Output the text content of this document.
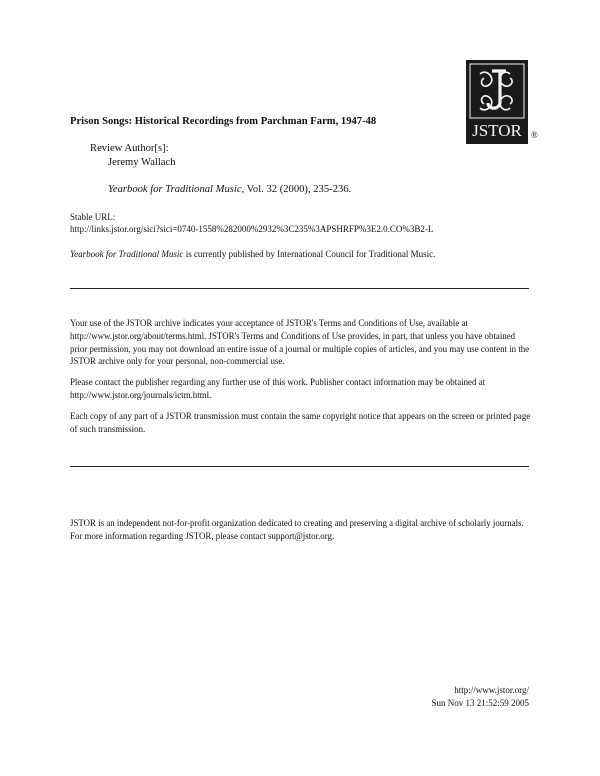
JSTOR ®
Prison Songs: Historical Recordings from Parchman Farm, 1947-48
Review Author[s]:
Jeremy Wallach
Yearbook for Traditional Music, Vol. 32 (2000), 235-236.
Stable URL:
http://links.jstor.org/sici?sici=0740-1558%282000%2932%3C235%3APSHRFP%3E2.0.CO%3B2-L
Yearbook for Traditional Music is currently published by International Council for Traditional Music.
Your use of the JSTOR archive indicates your acceptance of JSTOR's Terms and Conditions of Use, available at http://www.jstor.org/about/terms.html. JSTOR's Terms and Conditions of Use provides, in part, that unless you have obtained prior permission, you may not download an entire issue of a journal or multiple copies of articles, and you may use content in the JSTOR archive only for your personal, non-commercial use.
Please contact the publisher regarding any further use of this work. Publisher contact information may be obtained at http://www.jstor.org/journals/ictm.html.
Each copy of any part of a JSTOR transmission must contain the same copyright notice that appears on the screen or printed page of such transmission.
JSTOR is an independent not-for-profit organization dedicated to creating and preserving a digital archive of scholarly journals. For more information regarding JSTOR, please contact support@jstor.org.
http://www.jstor.org/
Sun Nov 13 21:52:59 2005
